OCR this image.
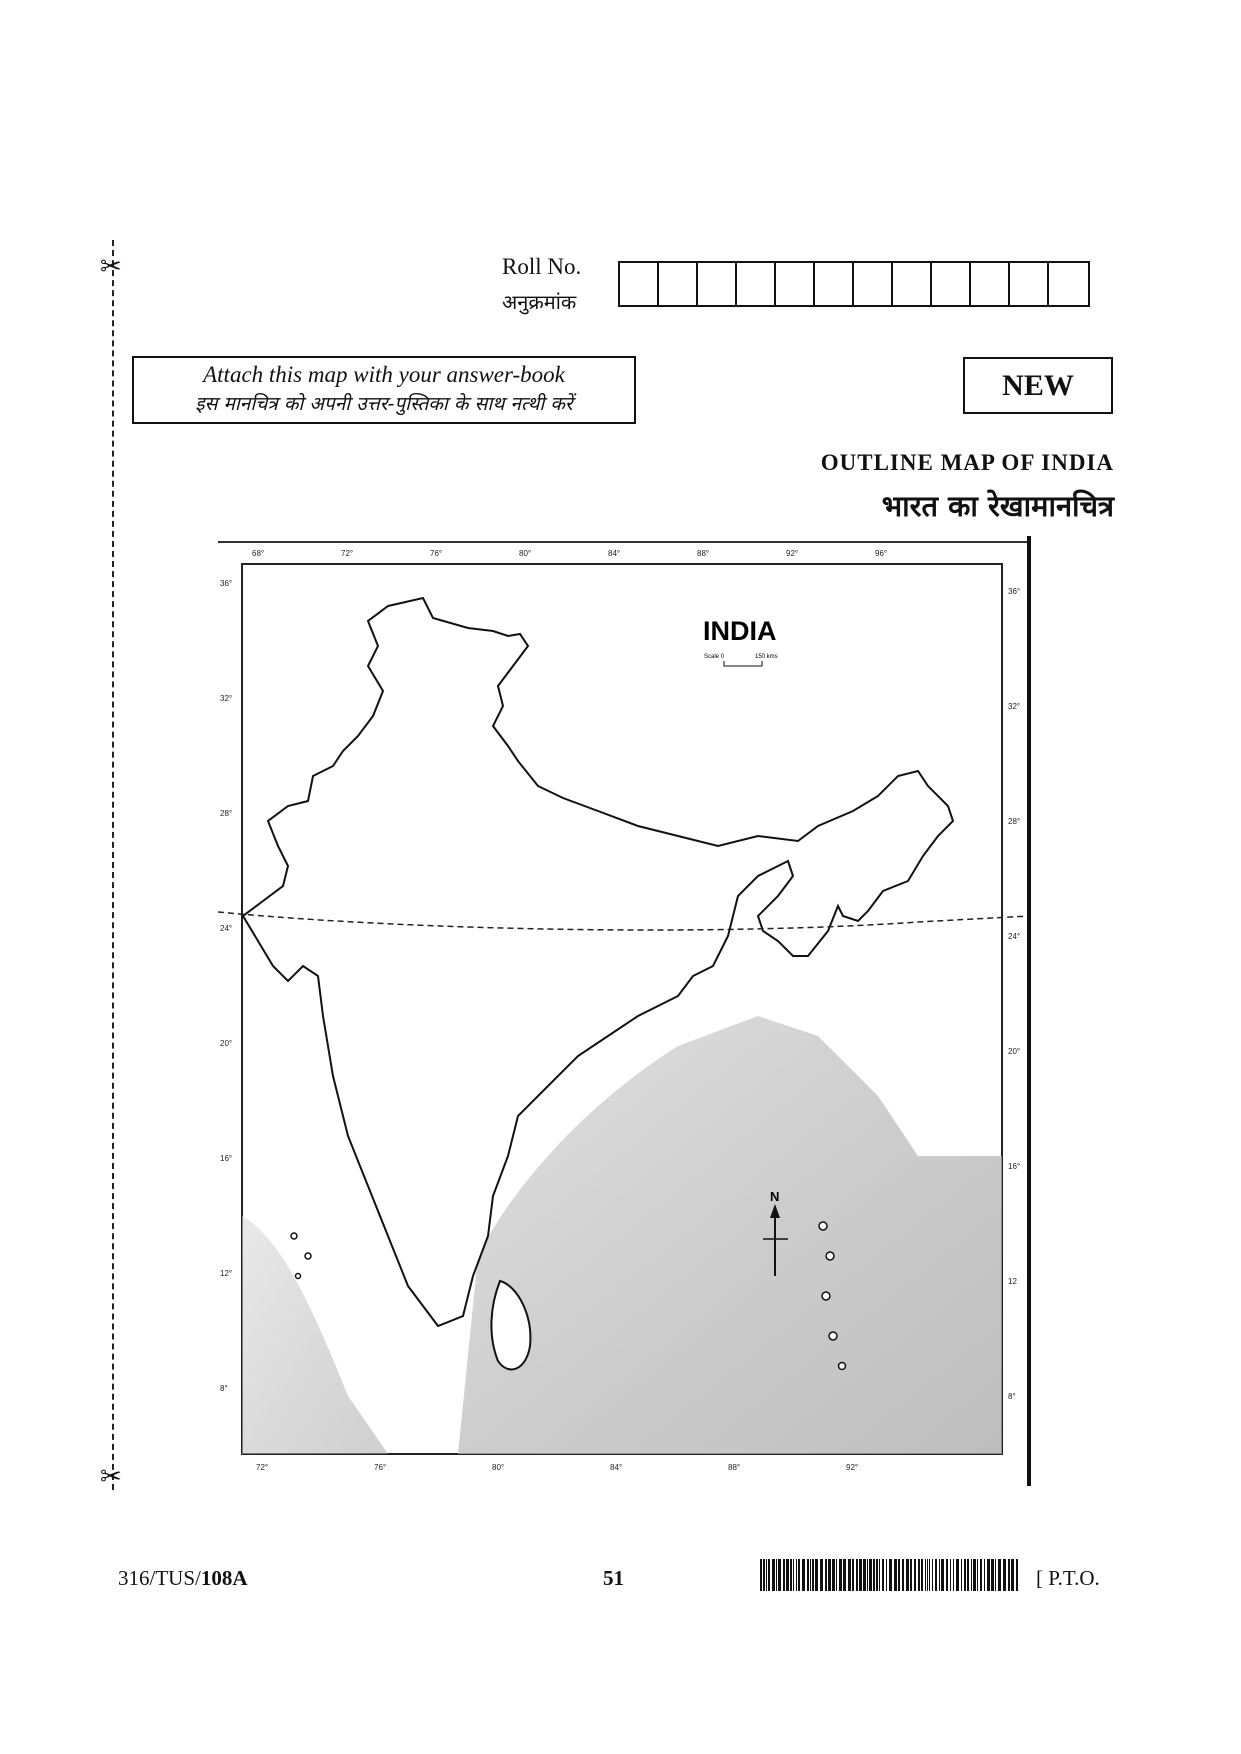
✂
✂
Roll No.
अनुक्रमांक
Attach this map with your answer-book
इस मानचित्र को अपनी उत्तर-पुस्तिका के साथ नत्थी करें
NEW
OUTLINE MAP OF INDIA
भारत का रेखामानचित्र
N
INDIA
Scale 0	150 kms
68°	72°	76°	80°	84°	88°	92°	96°
72°	76°	80°	84°	88°	92°
36°
32°
28°
24°
20°
16°
12°
8°
36°
32°
28°
24°
20°
16°
12
8°
316/TUS/108A	51	[ P.T.O.
